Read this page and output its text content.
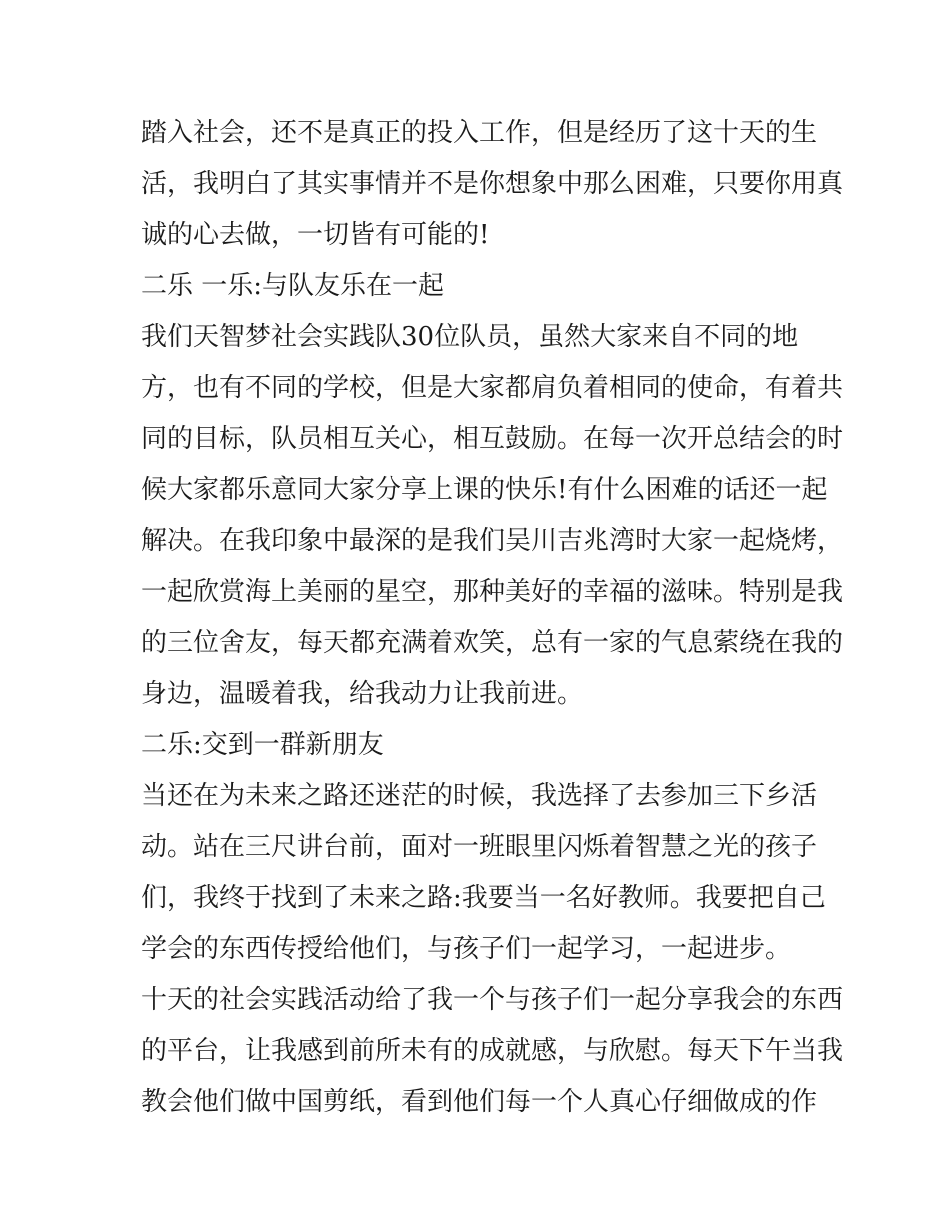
踏入社会，还不是真正的投入工作，但是经历了这十天的生
活，我明白了其实事情并不是你想象中那么困难，只要你用真
诚的心去做，一切皆有可能的!
二乐 一乐:与队友乐在一起
我们天智梦社会实践队30位队员，虽然大家来自不同的地
方，也有不同的学校，但是大家都肩负着相同的使命，有着共
同的目标，队员相互关心，相互鼓励。在每一次开总结会的时
候大家都乐意同大家分享上课的快乐!有什么困难的话还一起
解决。在我印象中最深的是我们吴川吉兆湾时大家一起烧烤，
一起欣赏海上美丽的星空，那种美好的幸福的滋味。特别是我
的三位舍友，每天都充满着欢笑，总有一家的气息萦绕在我的
身边，温暖着我，给我动力让我前进。
二乐:交到一群新朋友
当还在为未来之路还迷茫的时候，我选择了去参加三下乡活
动。站在三尺讲台前，面对一班眼里闪烁着智慧之光的孩子
们，我终于找到了未来之路:我要当一名好教师。我要把自己
学会的东西传授给他们，与孩子们一起学习，一起进步。
十天的社会实践活动给了我一个与孩子们一起分享我会的东西
的平台，让我感到前所未有的成就感，与欣慰。每天下午当我
教会他们做中国剪纸，看到他们每一个人真心仔细做成的作
